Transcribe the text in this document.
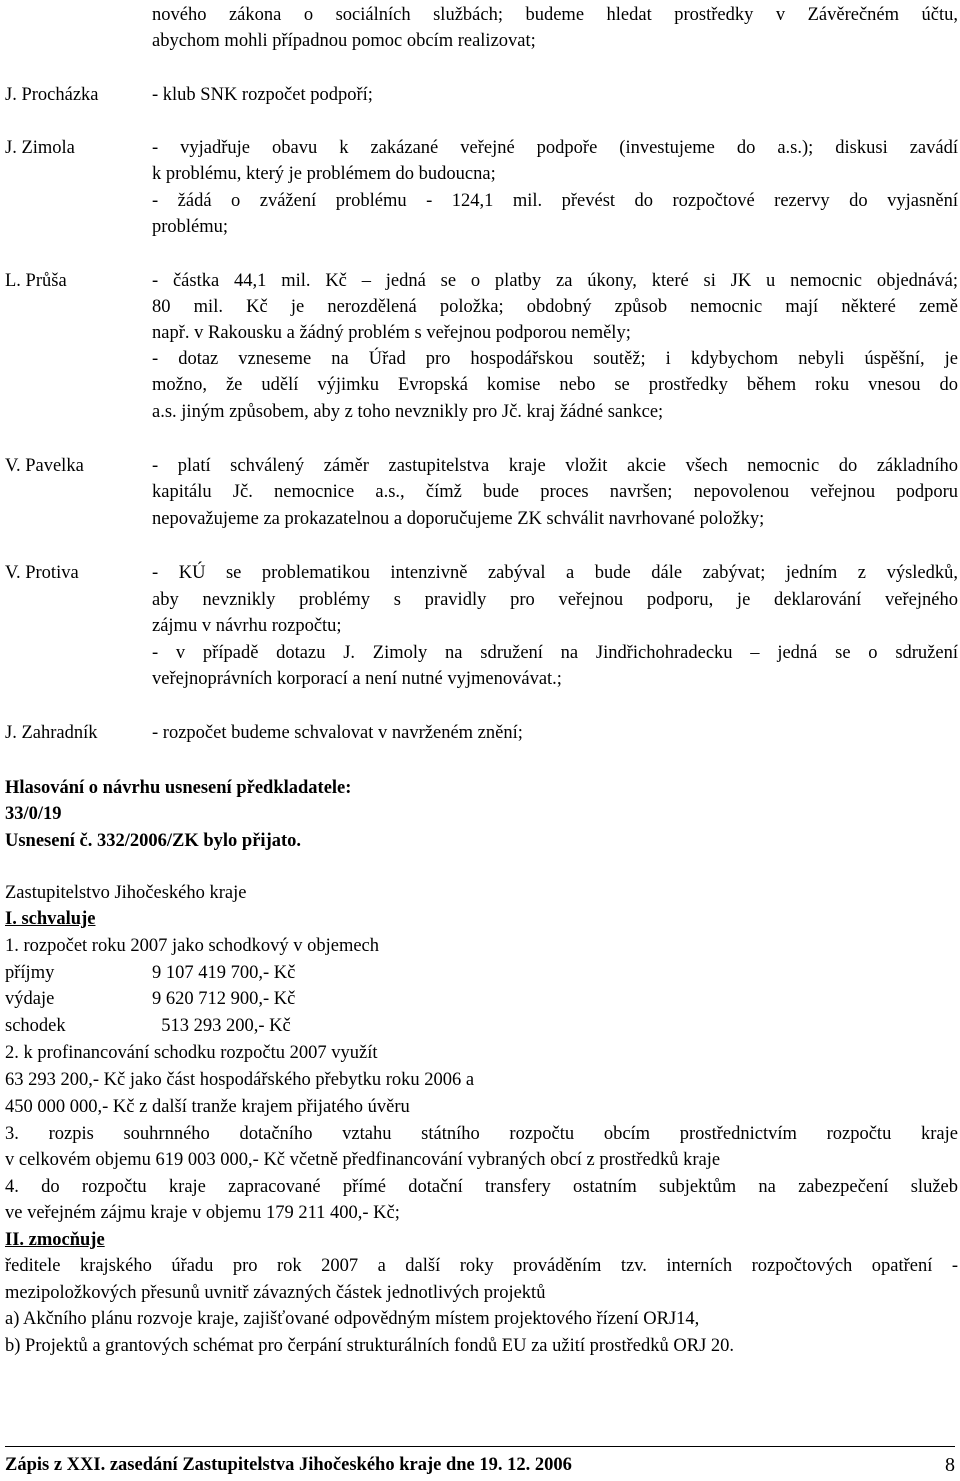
nového zákona o sociálních službách; budeme hledat prostředky v Závěrečném účtu,
abychom mohli případnou pomoc obcím realizovat;
J. Procházka	- klub SNK rozpočet podpoří;
J. Zimola	- vyjadřuje obavu k zakázané veřejné podpoře (investujeme do a.s.); diskusi zavádí
k problému, který je problémem do budoucna;
- žádá o zvážení problému - 124,1 mil. převést do rozpočtové rezervy do vyjasnění
problému;
L. Průša	- částka 44,1 mil. Kč – jedná se o platby za úkony, které si JK u nemocnic objednává;
80 mil. Kč je nerozdělená položka; obdobný způsob nemocnic mají některé země
např. v Rakousku a žádný problém s veřejnou podporou neměly;
- dotaz vzneseme na Úřad pro hospodářskou soutěž; i kdybychom nebyli úspěšní, je
možno, že udělí výjimku Evropská komise nebo se prostředky během roku vnesou do
a.s. jiným způsobem, aby z toho nevznikly pro Jč. kraj žádné sankce;
V. Pavelka	- platí schválený záměr zastupitelstva kraje vložit akcie všech nemocnic do základního
kapitálu Jč. nemocnice a.s., čímž bude proces navršen; nepovolenou veřejnou podporu
nepovažujeme za prokazatelnou a doporučujeme ZK schválit navrhované položky;
V. Protiva	- KÚ se problematikou intenzivně zabýval a bude dále zabývat; jedním z výsledků,
aby nevznikly problémy s pravidly pro veřejnou podporu, je deklarování veřejného
zájmu v návrhu rozpočtu;
- v případě dotazu J. Zimoly na sdružení na Jindřichohradecku – jedná se o sdružení
veřejnoprávních korporací a není nutné vyjmenovávat.;
J. Zahradník	- rozpočet budeme schvalovat v navrženém znění;
Hlasování o návrhu usnesení předkladatele:
33/0/19
Usnesení č. 332/2006/ZK bylo přijato.
Zastupitelstvo Jihočeského kraje
I. schvaluje
1. rozpočet roku 2007 jako schodkový v objemech
příjmy	9 107 419 700,- Kč
výdaje	9 620 712 900,- Kč
schodek	513 293 200,- Kč
2. k profinancování schodku rozpočtu 2007 využít
63 293 200,- Kč jako část hospodářského přebytku roku 2006 a
450 000 000,- Kč z další tranže krajem přijatého úvěru
3. rozpis souhrnného dotačního vztahu státního rozpočtu obcím prostřednictvím rozpočtu kraje
v celkovém objemu 619 003 000,- Kč včetně předfinancování vybraných obcí z prostředků kraje
4. do rozpočtu kraje zapracované přímé dotační transfery ostatním subjektům na zabezpečení služeb
ve veřejném zájmu kraje v objemu 179 211 400,- Kč;
II. zmocňuje
ředitele krajského úřadu pro rok 2007 a další roky prováděním tzv. interních rozpočtových opatření -
mezipoložkových přesunů uvnitř závazných částek jednotlivých projektů
a) Akčního plánu rozvoje kraje, zajišťované odpovědným místem projektového řízení ORJ14,
b) Projektů a grantových schémat pro čerpání strukturálních fondů EU za užití prostředků ORJ 20.
Zápis z XXI. zasedání Zastupitelstva Jihočeského kraje dne 19. 12. 2006	8
